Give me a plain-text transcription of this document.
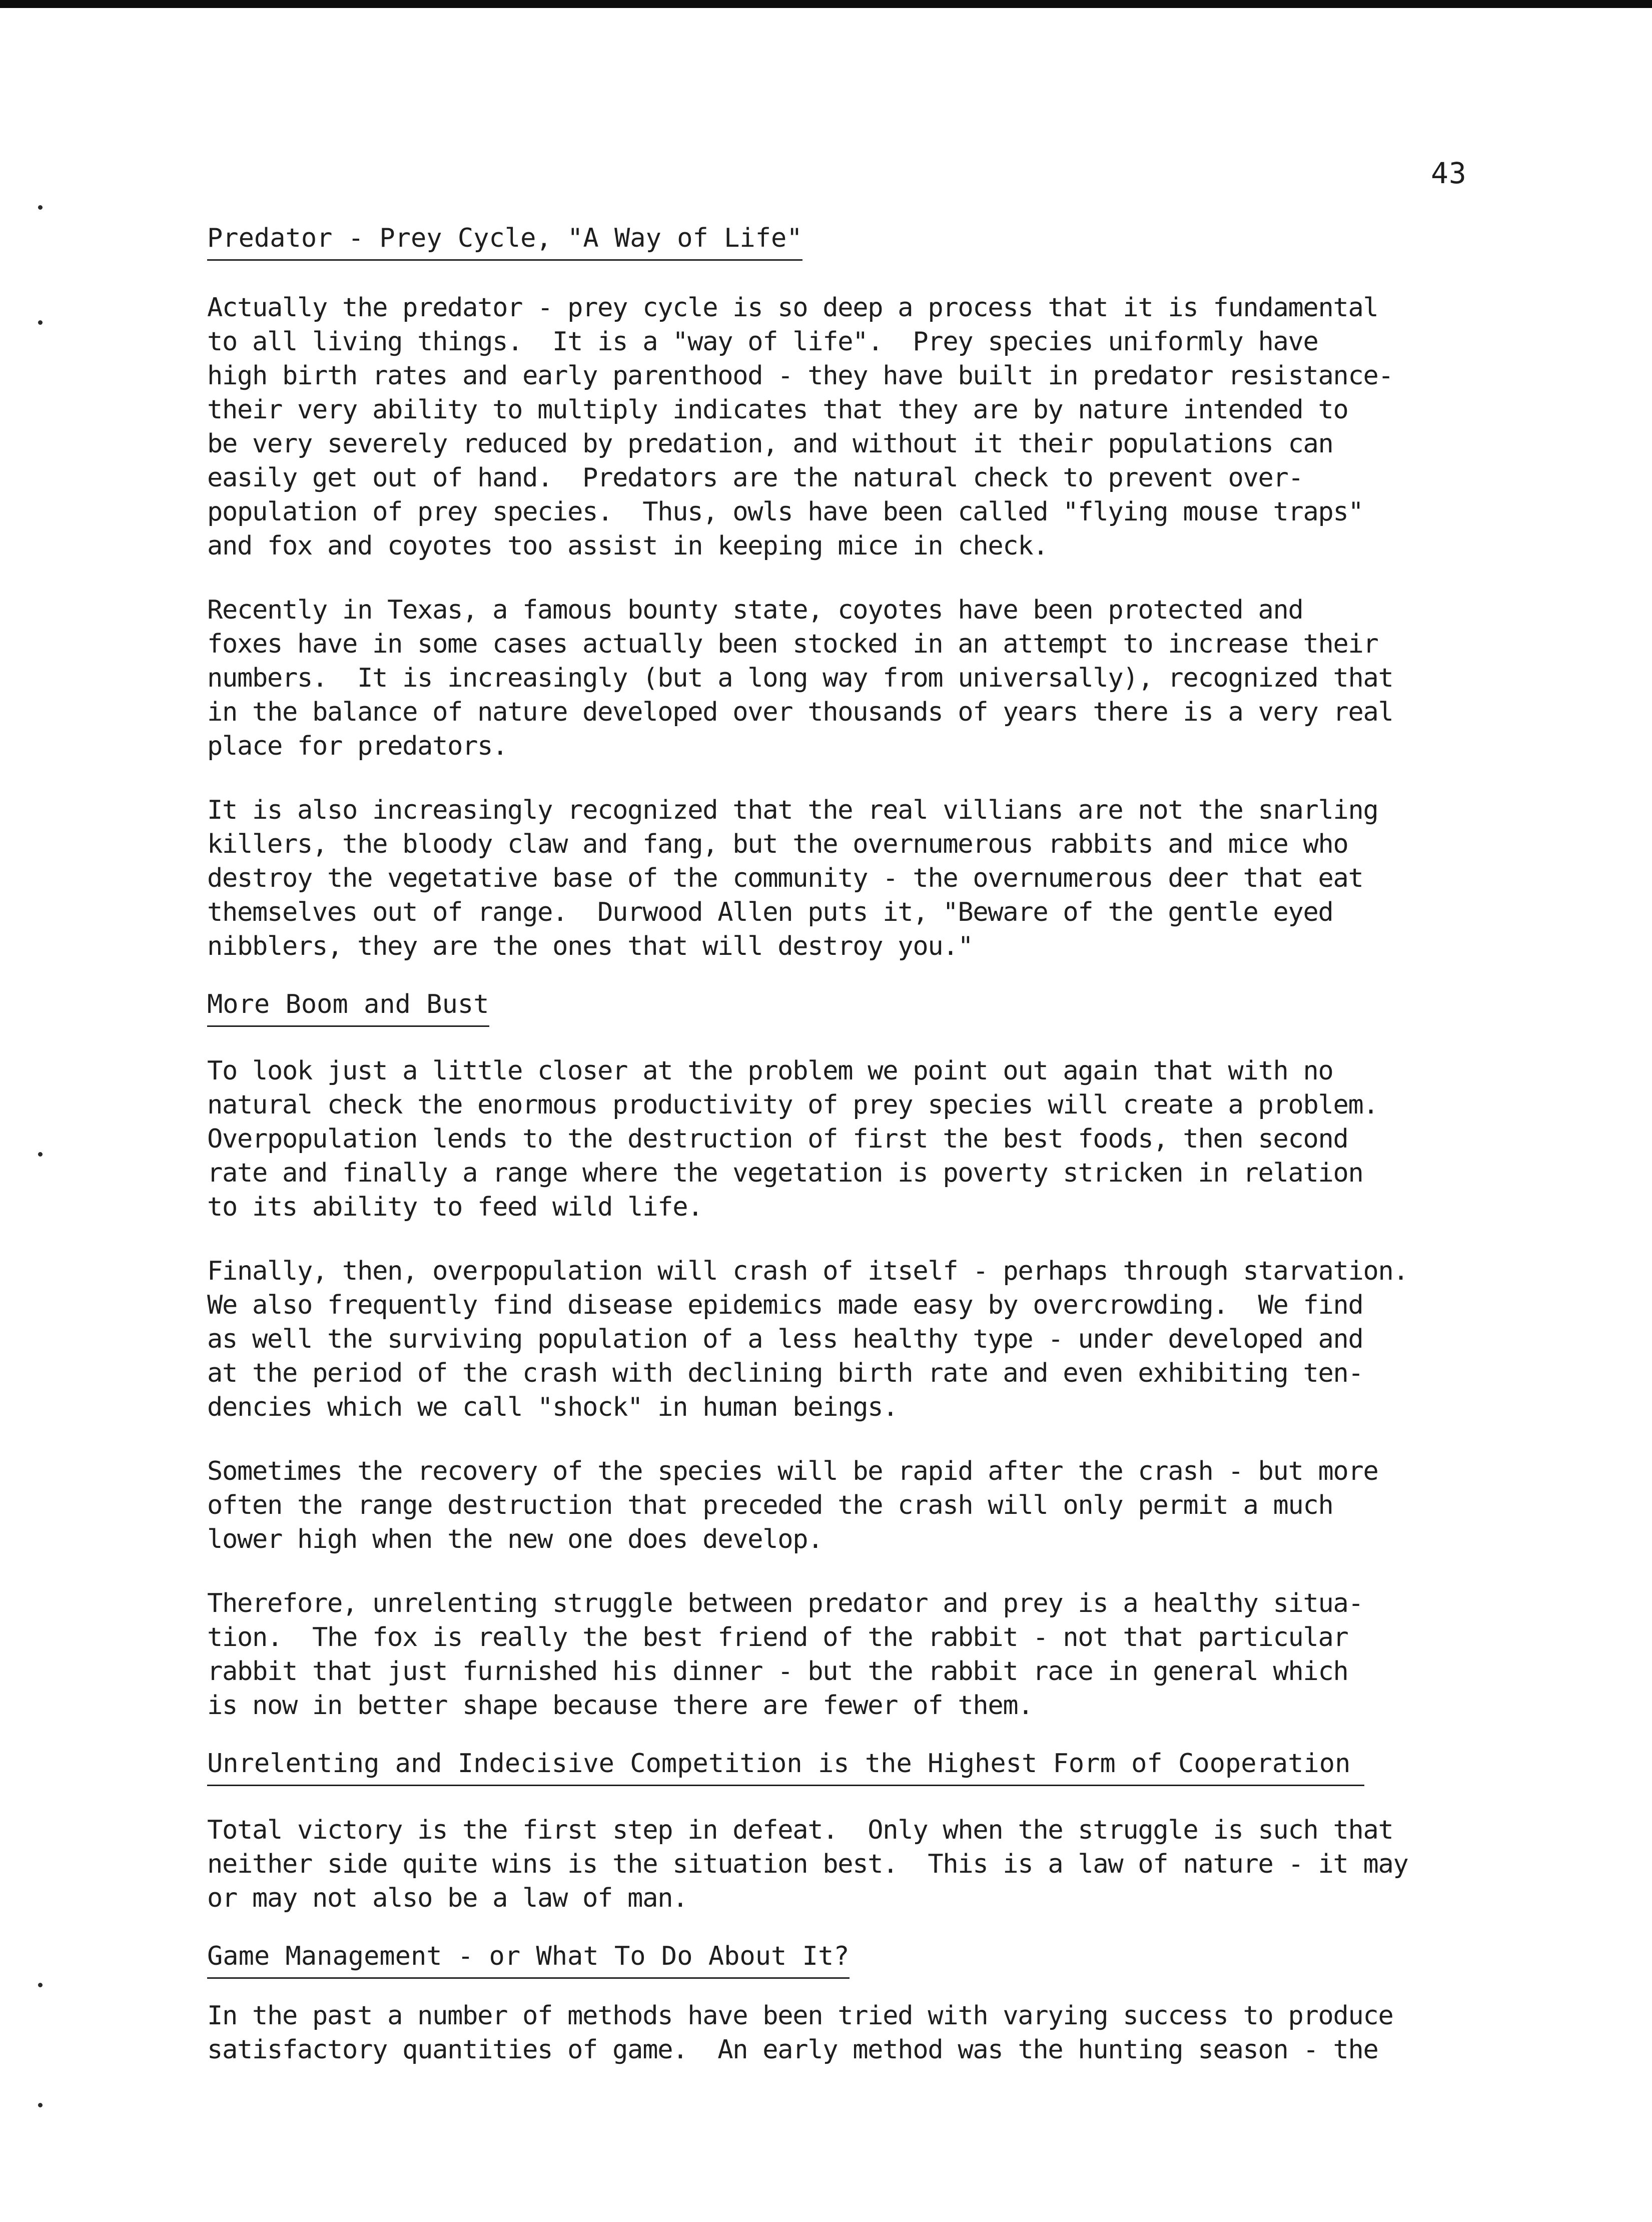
43
Predator - Prey Cycle, "A Way of Life"
Actually the predator - prey cycle is so deep a process that it is fundamental
to all living things.  It is a "way of life".  Prey species uniformly have
high birth rates and early parenthood - they have built in predator resistance-
their very ability to multiply indicates that they are by nature intended to
be very severely reduced by predation, and without it their populations can
easily get out of hand.  Predators are the natural check to prevent over-
population of prey species.  Thus, owls have been called "flying mouse traps"
and fox and coyotes too assist in keeping mice in check.
Recently in Texas, a famous bounty state, coyotes have been protected and
foxes have in some cases actually been stocked in an attempt to increase their
numbers.  It is increasingly (but a long way from universally), recognized that
in the balance of nature developed over thousands of years there is a very real
place for predators.
It is also increasingly recognized that the real villians are not the snarling
killers, the bloody claw and fang, but the overnumerous rabbits and mice who
destroy the vegetative base of the community - the overnumerous deer that eat
themselves out of range.  Durwood Allen puts it, "Beware of the gentle eyed
nibblers, they are the ones that will destroy you."
More Boom and Bust
To look just a little closer at the problem we point out again that with no
natural check the enormous productivity of prey species will create a problem.
Overpopulation lends to the destruction of first the best foods, then second
rate and finally a range where the vegetation is poverty stricken in relation
to its ability to feed wild life.
Finally, then, overpopulation will crash of itself - perhaps through starvation.
We also frequently find disease epidemics made easy by overcrowding.  We find
as well the surviving population of a less healthy type - under developed and
at the period of the crash with declining birth rate and even exhibiting ten-
dencies which we call "shock" in human beings.
Sometimes the recovery of the species will be rapid after the crash - but more
often the range destruction that preceded the crash will only permit a much
lower high when the new one does develop.
Therefore, unrelenting struggle between predator and prey is a healthy situa-
tion.  The fox is really the best friend of the rabbit - not that particular
rabbit that just furnished his dinner - but the rabbit race in general which
is now in better shape because there are fewer of them.
Unrelenting and Indecisive Competition is the Highest Form of Cooperation
Total victory is the first step in defeat.  Only when the struggle is such that
neither side quite wins is the situation best.  This is a law of nature - it may
or may not also be a law of man.
Game Management - or What To Do About It?
In the past a number of methods have been tried with varying success to produce
satisfactory quantities of game.  An early method was the hunting season - the
